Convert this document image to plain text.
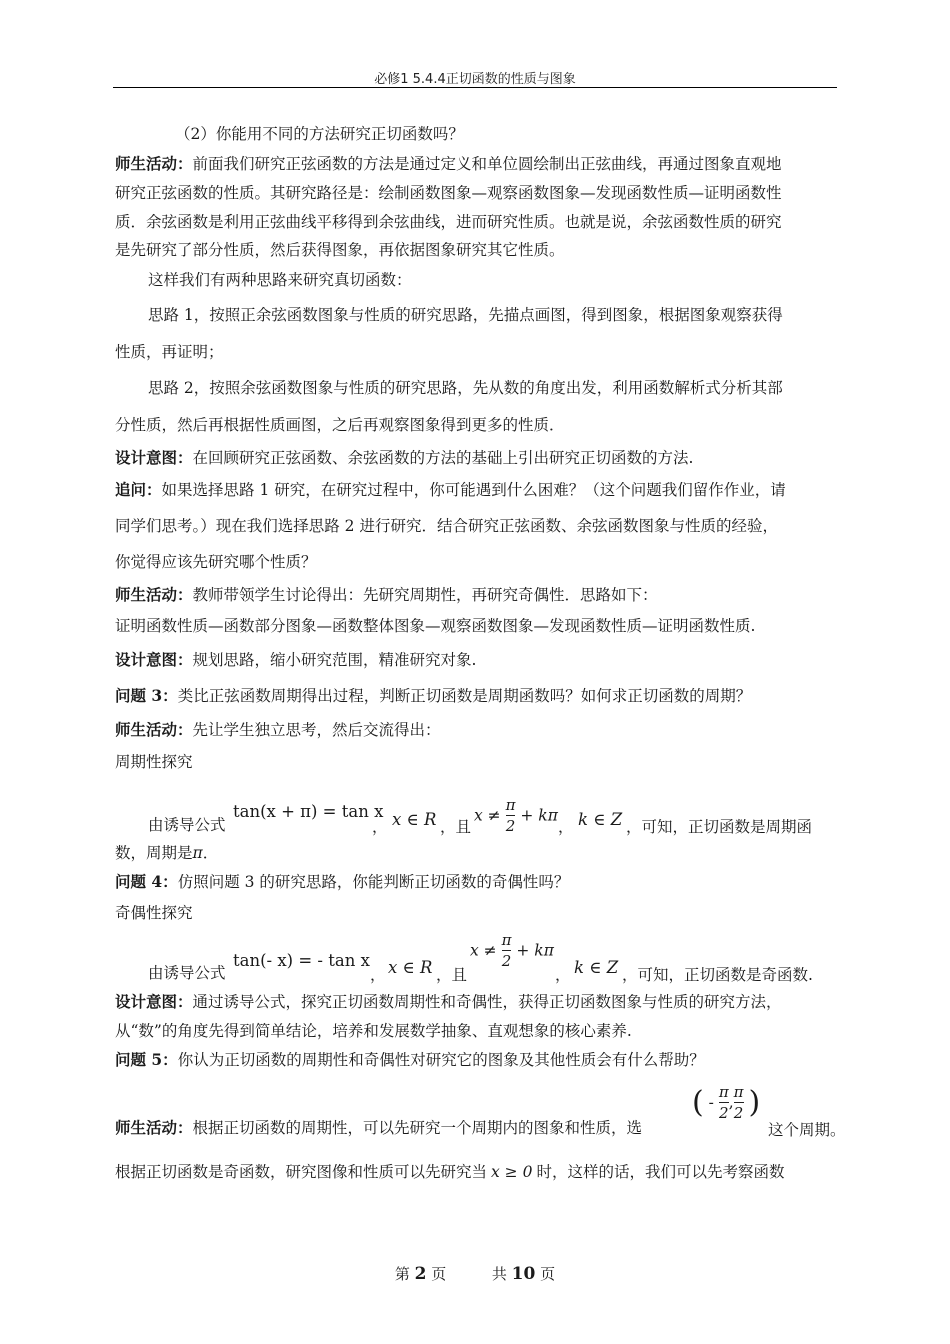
必修1 5.4.4正切函数的性质与图象
（2）你能用不同的方法研究正切函数吗？
师生活动：前面我们研究正弦函数的方法是通过定义和单位圆绘制出正弦曲线，再通过图象直观地
研究正弦函数的性质。其研究路径是：绘制函数图象—观察函数图象—发现函数性质—证明函数性
质．余弦函数是利用正弦曲线平移得到余弦曲线，进而研究性质。也就是说，余弦函数性质的研究
是先研究了部分性质，然后获得图象，再依据图象研究其它性质。
这样我们有两种思路来研究真切函数：
思路 1，按照正余弦函数图象与性质的研究思路，先描点画图，得到图象，根据图象观察获得
性质，再证明；
思路 2，按照余弦函数图象与性质的研究思路，先从数的角度出发，利用函数解析式分析其部
分性质，然后再根据性质画图，之后再观察图象得到更多的性质．
设计意图：在回顾研究正弦函数、余弦函数的方法的基础上引出研究正切函数的方法.
追问：如果选择思路 1 研究，在研究过程中，你可能遇到什么困难？（这个问题我们留作作业，请
同学们思考。）现在我们选择思路 2 进行研究．结合研究正弦函数、余弦函数图象与性质的经验，
你觉得应该先研究哪个性质？
师生活动：教师带领学生讨论得出：先研究周期性，再研究奇偶性．思路如下：
证明函数性质—函数部分图象—函数整体图象—观察函数图象—发现函数性质—证明函数性质.
设计意图：规划思路，缩小研究范围，精准研究对象.
问题 3：类比正弦函数周期得出过程，判断正切函数是周期函数吗？如何求正切函数的周期？
师生活动：先让学生独立思考，然后交流得出：
周期性探究
由诱导公式
tan(x + π) = tan x
， x ∈ R ，且
$x \ne \frac{\pi}{2} + k\pi$
， k ∈ Z ，可知，正切函数是周期函
数，周期是π．
问题 4：仿照问题 3 的研究思路，你能判断正切函数的奇偶性吗？
奇偶性探究
由诱导公式
tan(- x) = - tan x
， x ∈ R ，且
$x \ne \frac{\pi}{2} + k\pi$
， k ∈ Z ，可知，正切函数是奇函数.
设计意图：通过诱导公式，探究正切函数周期性和奇偶性，获得正切函数图象与性质的研究方法，
从“数”的角度先得到简单结论，培养和发展数学抽象、直观想象的核心素养.
问题 5：你认为正切函数的周期性和奇偶性对研究它的图象及其他性质会有什么帮助？
师生活动：根据正切函数的周期性，可以先研究一个周期内的图象和性质，选
( - $\frac{\pi}{2}$ , $\frac{\pi}{2}$ )
这个周期。
根据正切函数是奇函数，研究图像和性质可以先研究当 x ≥ 0 时，这样的话，我们可以先考察函数
第 2 页	共 10 页
